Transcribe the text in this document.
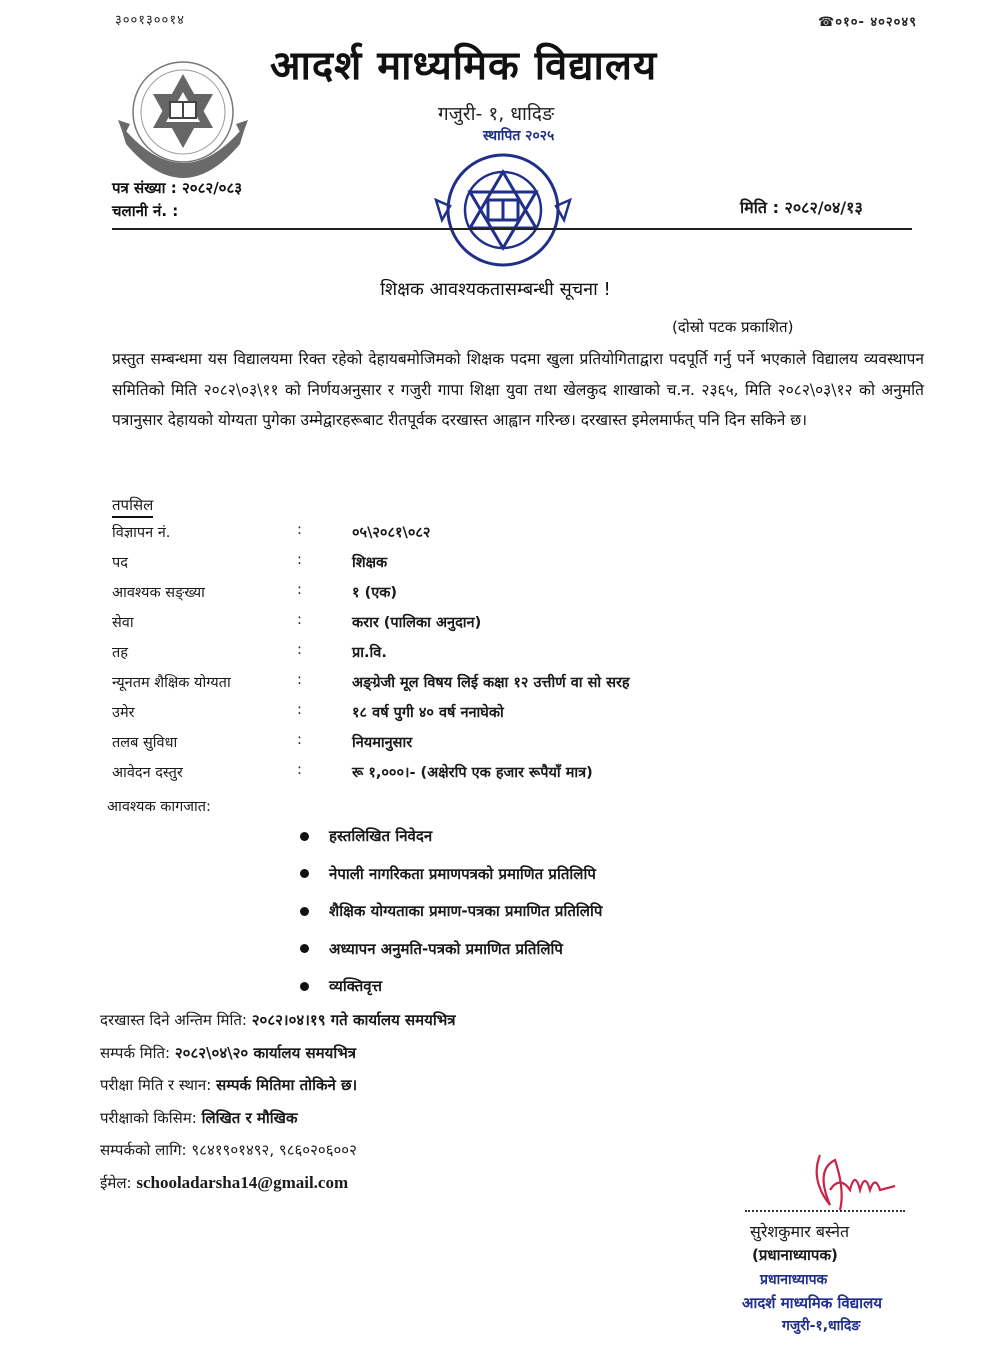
३००१३००१४	☎०१०- ४०२०४९
आदर्श माध्यमिक विद्यालय
गजुरी- १, धादिङ
स्थापित २०२५
पत्र संख्या : २०८२/०८३
चलानी नं. :	मिति : २०८२/०४/१३
शिक्षक आवश्यकतासम्बन्धी सूचना !
(दोस्रो पटक प्रकाशित)
प्रस्तुत सम्बन्धमा यस विद्यालयमा रिक्त रहेको देहायबमोजिमको शिक्षक पदमा खुला प्रतियोगिताद्वारा पदपूर्ति गर्नु पर्ने भएकाले विद्यालय व्यवस्थापन समितिको मिति २०८२\०३\११ को निर्णयअनुसार र गजुरी गापा शिक्षा युवा तथा खेलकुद शाखाको च.न. २३६५, मिति २०८२\०३\१२ को अनुमति पत्रानुसार देहायको योग्यता पुगेका उम्मेद्वारहरूबाट रीतपूर्वक दरखास्त आह्वान गरिन्छ। दरखास्त इमेलमार्फत् पनि दिन सकिने छ।
तपसिल
विज्ञापन नं.	:	०५\२०८१\०८२
पद	:	शिक्षक
आवश्यक सङ्ख्या	:	१ (एक)
सेवा	:	करार (पालिका अनुदान)
तह	:	प्रा.वि.
न्यूनतम शैक्षिक योग्यता	:	अङ्ग्रेजी मूल विषय लिई कक्षा १२ उत्तीर्ण वा सो सरह
उमेर	:	१८ वर्ष पुगी ४० वर्ष ननाघेको
तलब सुविधा	:	नियमानुसार
आवेदन दस्तुर	:	रू १,०००।- (अक्षेरपि एक हजार रूपैयाँ मात्र)
आवश्यक कागजात:
हस्तलिखित निवेदन
नेपाली नागरिकता प्रमाणपत्रको प्रमाणित प्रतिलिपि
शैक्षिक योग्यताका प्रमाण-पत्रका प्रमाणित प्रतिलिपि
अध्यापन अनुमति-पत्रको प्रमाणित प्रतिलिपि
व्यक्तिवृत्त
दरखास्त दिने अन्तिम मिति: २०८२।०४।१९ गते कार्यालय समयभित्र
सम्पर्क मिति: २०८२\०४\२० कार्यालय समयभित्र
परीक्षा मिति र स्थान: सम्पर्क मितिमा तोकिने छ।
परीक्षाको किसिम: लिखित र मौखिक
सम्पर्कको लागि: ९८४१९०१४९२, ९८६०२०६००२
ईमेल: schooladarsha14@gmail.com
सुरेशकुमार बस्नेत
(प्रधानाध्यापक)
प्रधानाध्यापक
आदर्श माध्यमिक विद्यालय
गजुरी-१,धादिङ
